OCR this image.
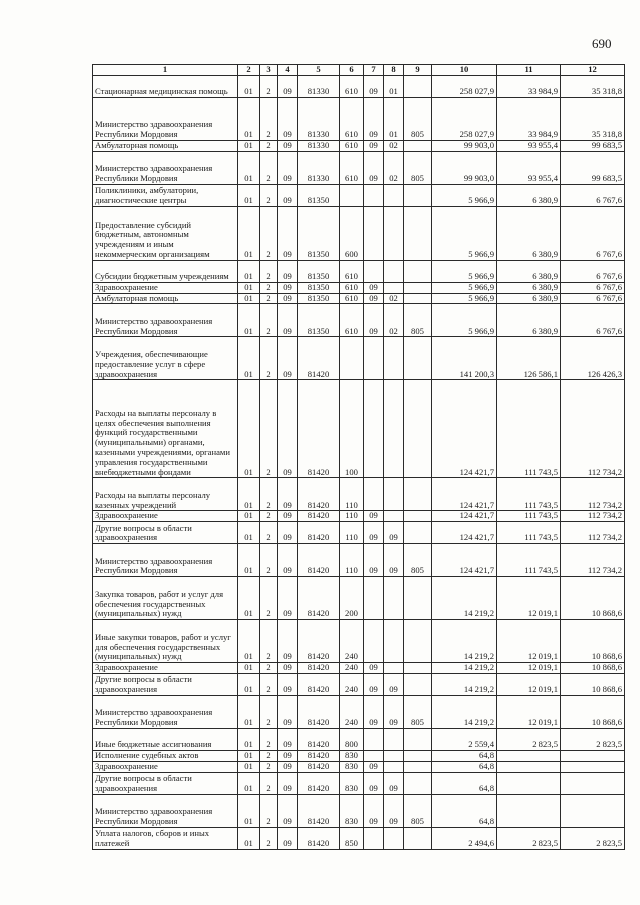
690
1	2	3	4	5	6	7	8	9	10	11	12
Стационарная медицинская помощь	01	2	09	81330	610	09	01		258 027,9	33 984,9	35 318,8
Министерство здравоохранения Республики Мордовия	01	2	09	81330	610	09	01	805	258 027,9	33 984,9	35 318,8
Амбулаторная помощь	01	2	09	81330	610	09	02		99 903,0	93 955,4	99 683,5
Министерство здравоохранения Республики Мордовия	01	2	09	81330	610	09	02	805	99 903,0	93 955,4	99 683,5
Поликлиники, амбулатории, диагностические центры	01	2	09	81350					5 966,9	6 380,9	6 767,6
Предоставление субсидий бюджетным, автономным учреждениям и иным некоммерческим организациям	01	2	09	81350	600				5 966,9	6 380,9	6 767,6
Субсидии бюджетным учреждениям	01	2	09	81350	610				5 966,9	6 380,9	6 767,6
Здравоохранение	01	2	09	81350	610	09			5 966,9	6 380,9	6 767,6
Амбулаторная помощь	01	2	09	81350	610	09	02		5 966,9	6 380,9	6 767,6
Министерство здравоохранения Республики Мордовия	01	2	09	81350	610	09	02	805	5 966,9	6 380,9	6 767,6
Учреждения, обеспечивающие предоставление услуг в сфере здравоохранения	01	2	09	81420					141 200,3	126 586,1	126 426,3
Расходы на выплаты персоналу в целях обеспечения выполнения функций государственными (муниципальными) органами, казенными учреждениями, органами управления государственными внебюджетными фондами	01	2	09	81420	100				124 421,7	111 743,5	112 734,2
Расходы на выплаты персоналу казенных учреждений	01	2	09	81420	110				124 421,7	111 743,5	112 734,2
Здравоохранение	01	2	09	81420	110	09			124 421,7	111 743,5	112 734,2
Другие вопросы в области здравоохранения	01	2	09	81420	110	09	09		124 421,7	111 743,5	112 734,2
Министерство здравоохранения Республики Мордовия	01	2	09	81420	110	09	09	805	124 421,7	111 743,5	112 734,2
Закупка товаров, работ и услуг для обеспечения государственных (муниципальных) нужд	01	2	09	81420	200				14 219,2	12 019,1	10 868,6
Иные закупки товаров, работ и услуг для обеспечения государственных (муниципальных) нужд	01	2	09	81420	240				14 219,2	12 019,1	10 868,6
Здравоохранение	01	2	09	81420	240	09			14 219,2	12 019,1	10 868,6
Другие вопросы в области здравоохранения	01	2	09	81420	240	09	09		14 219,2	12 019,1	10 868,6
Министерство здравоохранения Республики Мордовия	01	2	09	81420	240	09	09	805	14 219,2	12 019,1	10 868,6
Иные бюджетные ассигнования	01	2	09	81420	800				2 559,4	2 823,5	2 823,5
Исполнение судебных актов	01	2	09	81420	830				64,8		
Здравоохранение	01	2	09	81420	830	09			64,8		
Другие вопросы в области здравоохранения	01	2	09	81420	830	09	09		64,8		
Министерство здравоохранения Республики Мордовия	01	2	09	81420	830	09	09	805	64,8		
Уплата налогов, сборов и иных платежей	01	2	09	81420	850				2 494,6	2 823,5	2 823,5
